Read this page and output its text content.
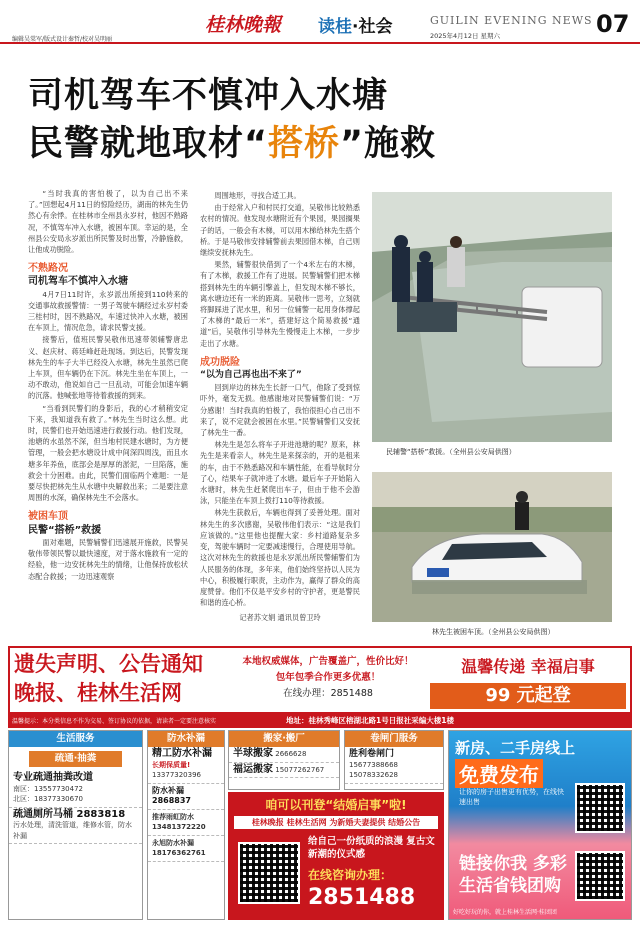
编辑吴棠军/版式设计秦哲/校对吴明丽
桂林晚報 读桂·社会	GUILIN EVENING NEWS
2025年4月12日 星期六	07
司机驾车不慎冲入水塘
民警就地取材“搭桥”施救

“当时我真的害怕极了，以为自己出不来了。”回想起4月11日的惊险经历，湖南的林先生仍然心有余悸。在桂林市全州县永岁村，他因不熟路况，不慎驾车冲入水塘，被困车顶。幸运的是，全州县公安局永岁派出所民警及时出警，冷静施救，让他成功脱险。

不熟路况

司机驾车不慎冲入水塘

4月7日11时许，永岁派出所接到110转来的交通事故救援警情：一男子驾驶车辆经过永岁村委三桂村时，因不熟路况，车速过快冲入水塘，被困在车顶上，情况危急，请求民警支援。

接警后，值班民警吴敬伟迅速带领辅警唐忠义、赵庆材、蒋廷峰赶赴现场。到达后，民警发现林先生的车子大半已经没入水塘，林先生虽然已爬上车顶，但车辆仍在下沉。林先生坐在车顶上，一动不敢动，他说如自己一旦乱动，可能会加速车辆的沉落。他喊张地等待着救援的到来。

“当看到民警们的身影后，我的心才稍稍安定下来，我知道我有救了。”林先生当时这么想。此时，民警们也开始迅速进行救援行动。他们发现，池塘的水虽然不深，但当地村民建水塘时，为方便管理，一般会把水塘设计成中间深四周浅，而且水塘多年养鱼，底部会是厚厚的淤泥，一旦陷落，施救会十分困难。由此，民警们面临两个难题：一是要尽快把林先生从水塘中央解救出来；二是要注意周围的水深，确保林先生不会落水。

被困车顶

民警“搭桥”救援

面对难题，民警辅警们迅速展开施救，民警吴敬伟带领民警以最快速度，对于落水施救有一定的经验，他一边安抚林先生的情绪，让他保持放松状态配合救援；一边迅速观察

周围地形，寻找合适工具。

由于经常入户和村民打交道，吴敬伟比较熟悉农村的情况。他发现水塘附近有个果园，果园搁果子的话，一般会有木梯，可以用木梯给林先生搭个桥。于是马敬伟安排辅警前去果园借木梯，自己则继续安抚林先生。

果然，辅警很快借到了一个4米左右的木梯，有了木梯，救援工作有了进展。民警辅警们把木梯搭到林先生的车辆引擎盖上，但发现木梯不够长，离水塘边还有一米的距离。吴敬伟一思考，立刻就将脚踩进了泥水里，和另一位辅警一起用身体撑起了木梯的“最后一米”，搭建好这个简易救援“通道”后，吴敬伟引导林先生慢慢走上木梯，一步步走出了水塘。

成功脱险

“以为自己再也出不来了”

回到岸边的林先生长舒一口气，他除了受到惊吓外，毫发无损。他感谢地对民警辅警们说：“万分感谢！当时我真的怕极了，我怕很担心自己出不来了，说不定就会被困在水里。”民警辅警们又安抚了林先生一番。

林先生是怎么将车子开进池塘的呢？原来，林先生是来看亲人，林先生是来探亲的，开的是租来的车，由于不熟悉路况和车辆性能，在看导航时分了心，结果车子就冲进了水塘。最后车子开始陷入水塘时，林先生赶紧爬出车子，但由于他不会游泳，只能坐在车顶上拨打110等待救援。

林先生获救后，车辆也得到了妥善处理。面对林先生的多次感谢，吴敬伟他们表示：“这是我们应该做的。”这里他也提醒大家：乡村道路复杂多变，驾驶车辆时一定要减速慢行，合理使用导航。这次对林先生的救援也是永岁派出所民警辅警们为人民服务的体现，多年来，他们始终坚持以人民为中心，积极履行职责，主动作为，赢得了群众的高度赞誉。他们不仅是平安乡村的守护者，更是警民和谐的连心桥。

记者苏文娟 通讯员曾卫玲

民辅警“搭桥”救援。（全州县公安局供图）
林先生被困车顶。（全州县公安局供图）
遗失声明、公告通知
晚报、桂林生活网
本地权威媒体，广告覆盖广，性价比好！
包年包季合作更多优惠！
在线办理：2851488
温馨传递 幸福启事
99 元起登
温馨提示：本分类信息不作为交易、签订协议的依据，请读者一定要注意核实	地址：桂林秀峰区榕湖北路1号日报社采编大楼1楼
生活服务
疏通·抽粪
专业疏通抽粪改道
南区：13557730472
北区：18377330670
疏通厕所马桶 2883818
污水处理，清洗管道，维修水管，防水补漏
防水补漏
精工防水补漏
长期保质量!
13377320396
防水补漏 2868837
推荐雨虹防水 13481372220
永旭防水补漏 18176362761
搬家·搬厂
半球搬家 2666628
福运搬家 15077262767
卷闸门服务
胜利卷闸门
15677388668
15078332628
咱可以刊登“结婚启事”啦!
桂林晚报 桂林生活网 为新婚夫妻提供 结婚公告
给自己一份纸质的浪漫 复古文新潮的仪式感
在线咨询办理：
2851488
新房、二手房线上
免费发布
让你的房子出售更有优势，在线快速出售
链接你我 多彩 生活省钱团购
好吃好玩的你，就上桂林生活网·桂团团
